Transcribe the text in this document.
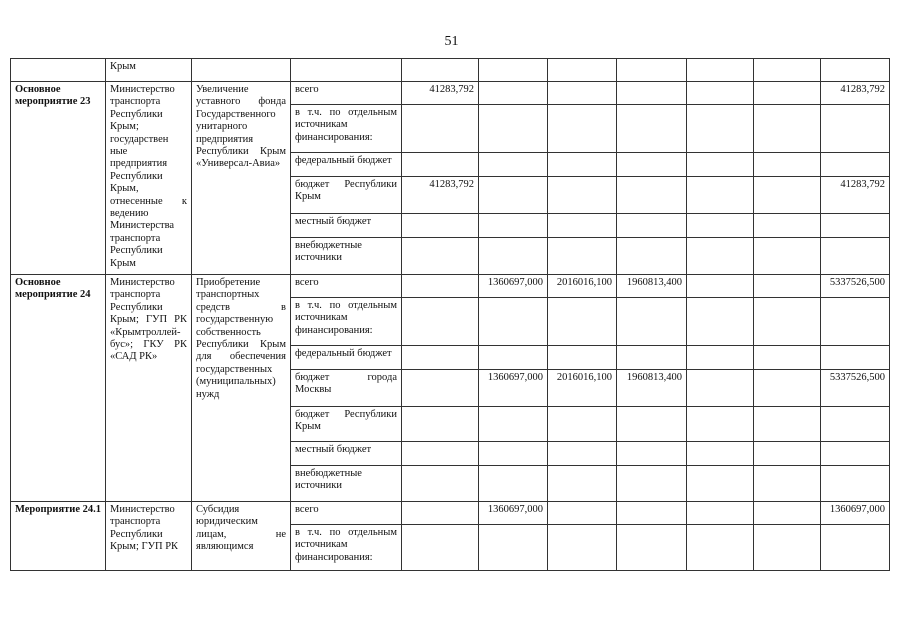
51
	Крым									
Основное мероприятие 23	Министерство транспорта Республики Крым; государствен ные предприятия Республики Крым, отнесенные к ведению Министерства транспорта Республики Крым	Увеличение уставного фонда Государственного унитарного предприятия Республики Крым «Универсал-Авиа»	всего	41283,792						41283,792
			в т.ч. по отдельным источникам финансирования:							
			федеральный бюджет							
			бюджет Республики Крым	41283,792						41283,792
			местный бюджет							
			внебюджетные источники							
Основное мероприятие 24	Министерство транспорта Республики Крым; ГУП РК «Крымтроллей-бус»; ГКУ РК «САД РК»	Приобретение транспортных средств в государственную собственность Республики Крым для обеспечения государственных (муниципальных) нужд	всего		1360697,000	2016016,100	1960813,400			5337526,500
			в т.ч. по отдельным источникам финансирования:							
			федеральный бюджет							
			бюджет города Москвы		1360697,000	2016016,100	1960813,400			5337526,500
			бюджет Республики Крым							
			местный бюджет							
			внебюджетные источники							
Мероприятие 24.1	Министерство транспорта Республики Крым; ГУП РК	Субсидия юридическим лицам, не являющимся	всего		1360697,000					1360697,000
			в т.ч. по отдельным источникам финансирования:							
